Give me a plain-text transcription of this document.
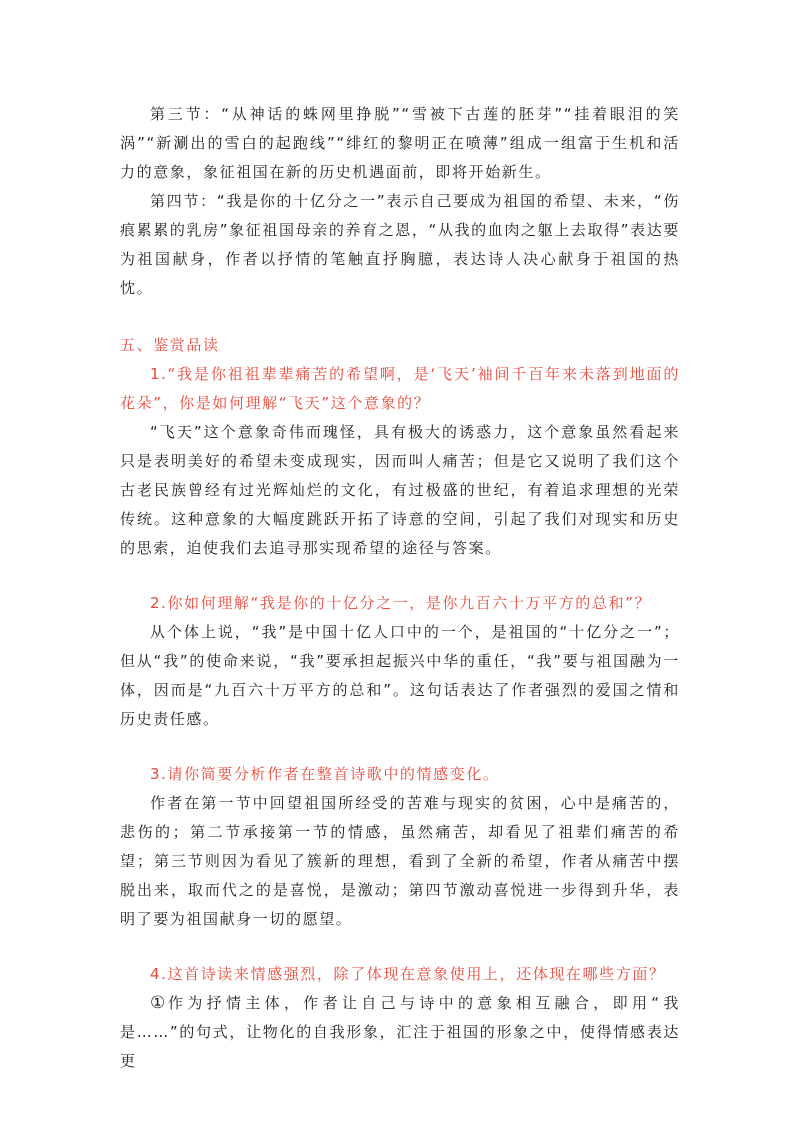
第三节：“从神话的蛛网里挣脱”“雪被下古莲的胚芽”“挂着眼泪的笑涡”“新涮出的雪白的起跑线”“绯红的黎明正在喷薄”组成一组富于生机和活力的意象，象征祖国在新的历史机遇面前，即将开始新生。

第四节：“我是你的十亿分之一”表示自己要成为祖国的希望、未来，“伤痕累累的乳房”象征祖国母亲的养育之恩，“从我的血肉之躯上去取得”表达要为祖国献身，作者以抒情的笔触直抒胸臆，表达诗人决心献身于祖国的热忱。

五、鉴赏品读

1.“我是你祖祖辈辈痛苦的希望啊，是‘飞天’袖间千百年来未落到地面的花朵”，你是如何理解“飞天”这个意象的？

“飞天”这个意象奇伟而瑰怪，具有极大的诱惑力，这个意象虽然看起来只是表明美好的希望未变成现实，因而叫人痛苦；但是它又说明了我们这个古老民族曾经有过光辉灿烂的文化，有过极盛的世纪，有着追求理想的光荣传统。这种意象的大幅度跳跃开拓了诗意的空间，引起了我们对现实和历史的思索，迫使我们去追寻那实现希望的途径与答案。

2.你如何理解“我是你的十亿分之一，是你九百六十万平方的总和”？

从个体上说，“我”是中国十亿人口中的一个，是祖国的“十亿分之一”；但从“我”的使命来说，“我”要承担起振兴中华的重任，“我”要与祖国融为一体，因而是“九百六十万平方的总和”。这句话表达了作者强烈的爱国之情和历史责任感。

3.请你简要分析作者在整首诗歌中的情感变化。

作者在第一节中回望祖国所经受的苦难与现实的贫困，心中是痛苦的，悲伤的；第二节承接第一节的情感，虽然痛苦，却看见了祖辈们痛苦的希望；第三节则因为看见了簇新的理想，看到了全新的希望，作者从痛苦中摆脱出来，取而代之的是喜悦，是激动；第四节激动喜悦进一步得到升华，表明了要为祖国献身一切的愿望。

4.这首诗读来情感强烈，除了体现在意象使用上，还体现在哪些方面？

①作为抒情主体，作者让自己与诗中的意象相互融合，即用“我是……”的句式，让物化的自我形象，汇注于祖国的形象之中，使得情感表达更
